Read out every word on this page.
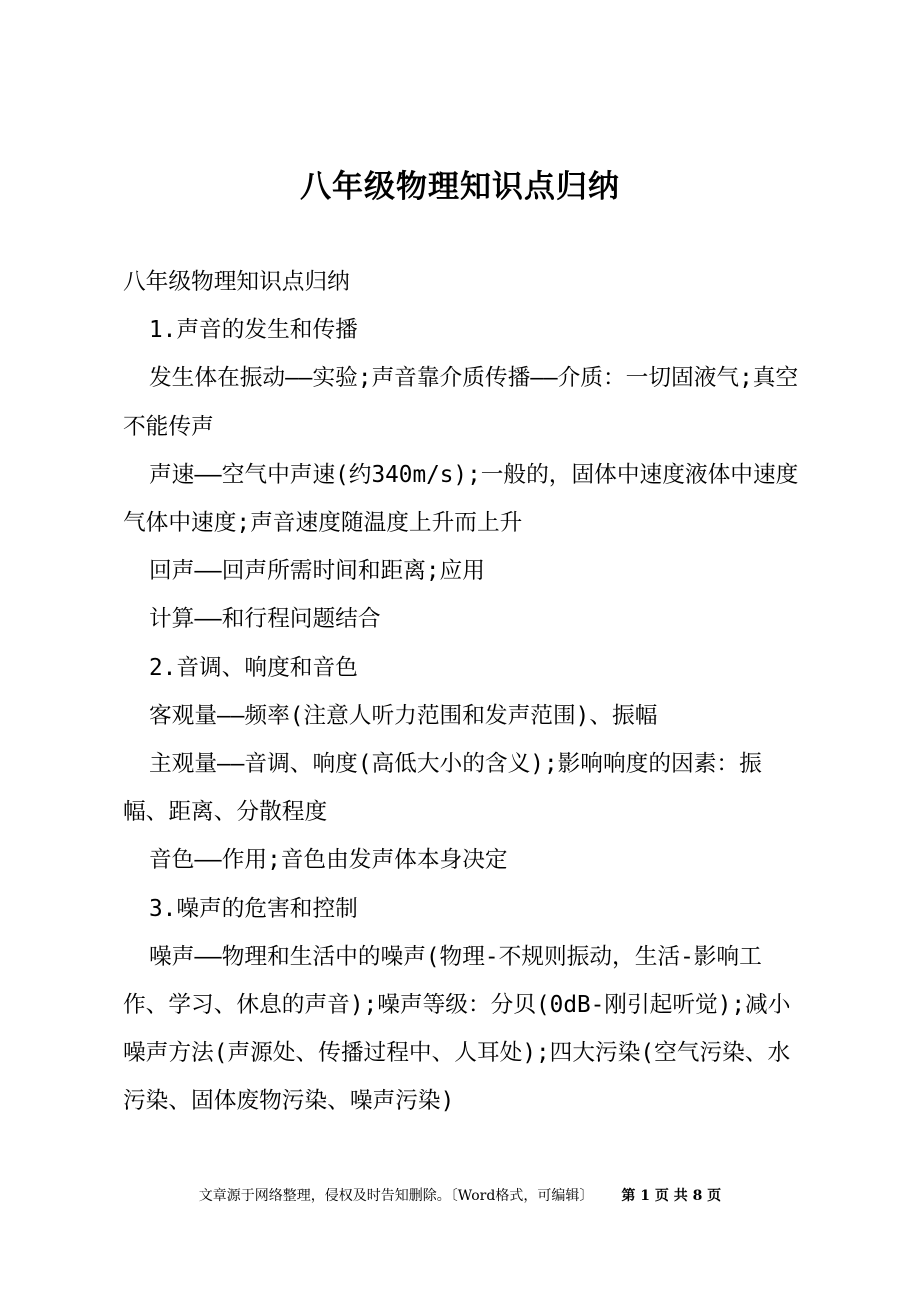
八年级物理知识点归纳

八年级物理知识点归纳

1.声音的发生和传播

发生体在振动——实验;声音靠介质传播——介质：一切固液气;真空不能传声

声速——空气中声速(约340m/s);一般的，固体中速度液体中速度气体中速度;声音速度随温度上升而上升

回声——回声所需时间和距离;应用

计算——和行程问题结合

2.音调、响度和音色

客观量——频率(注意人听力范围和发声范围)、振幅

主观量——音调、响度(高低大小的含义);影响响度的因素：振幅、距离、分散程度

音色——作用;音色由发声体本身决定

3.噪声的危害和控制

噪声——物理和生活中的噪声(物理-不规则振动，生活-影响工作、学习、休息的声音);噪声等级：分贝(0dB-刚引起听觉);减小噪声方法(声源处、传播过程中、人耳处);四大污染(空气污染、水污染、固体废物污染、噪声污染)

文章源于网络整理，侵权及时告知删除。〔Word格式，可编辑〕 第 1 页 共 8 页
